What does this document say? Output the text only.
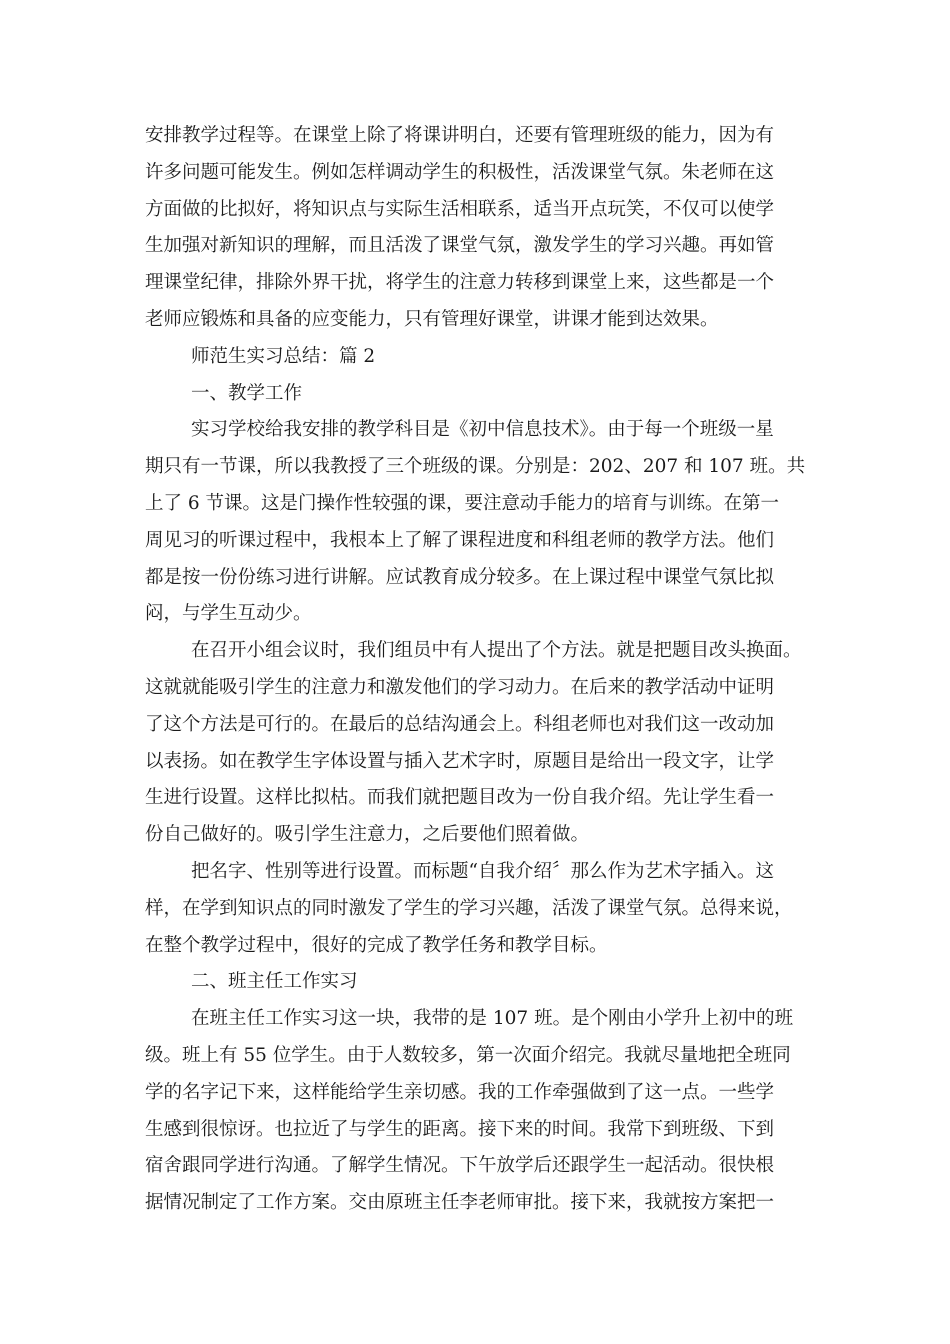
安排教学过程等。在课堂上除了将课讲明白，还要有管理班级的能力，因为有
许多问题可能发生。例如怎样调动学生的积极性，活泼课堂气氛。朱老师在这
方面做的比拟好，将知识点与实际生活相联系，适当开点玩笑，不仅可以使学
生加强对新知识的理解，而且活泼了课堂气氛，激发学生的学习兴趣。再如管
理课堂纪律，排除外界干扰，将学生的注意力转移到课堂上来，这些都是一个
老师应锻炼和具备的应变能力，只有管理好课堂，讲课才能到达效果。
师范生实习总结：篇 2
一、教学工作
实习学校给我安排的教学科目是《初中信息技术》。由于每一个班级一星
期只有一节课，所以我教授了三个班级的课。分别是：202、207 和 107 班。共
上了 6 节课。这是门操作性较强的课，要注意动手能力的培育与训练。在第一
周见习的听课过程中，我根本上了解了课程进度和科组老师的教学方法。他们
都是按一份份练习进行讲解。应试教育成分较多。在上课过程中课堂气氛比拟
闷，与学生互动少。
在召开小组会议时，我们组员中有人提出了个方法。就是把题目改头换面。
这就就能吸引学生的注意力和激发他们的学习动力。在后来的教学活动中证明
了这个方法是可行的。在最后的总结沟通会上。科组老师也对我们这一改动加
以表扬。如在教学生字体设置与插入艺术字时，原题目是给出一段文字，让学
生进行设置。这样比拟枯。而我们就把题目改为一份自我介绍。先让学生看一
份自己做好的。吸引学生注意力，之后要他们照着做。
把名字、性别等进行设置。而标题“自我介绍〞那么作为艺术字插入。这
样，在学到知识点的同时激发了学生的学习兴趣，活泼了课堂气氛。总得来说，
在整个教学过程中，很好的完成了教学任务和教学目标。
二、班主任工作实习
在班主任工作实习这一块，我带的是 107 班。是个刚由小学升上初中的班
级。班上有 55 位学生。由于人数较多，第一次面介绍完。我就尽量地把全班同
学的名字记下来，这样能给学生亲切感。我的工作牵强做到了这一点。一些学
生感到很惊讶。也拉近了与学生的距离。接下来的时间。我常下到班级、下到
宿舍跟同学进行沟通。了解学生情况。下午放学后还跟学生一起活动。很快根
据情况制定了工作方案。交由原班主任李老师审批。接下来，我就按方案把一
